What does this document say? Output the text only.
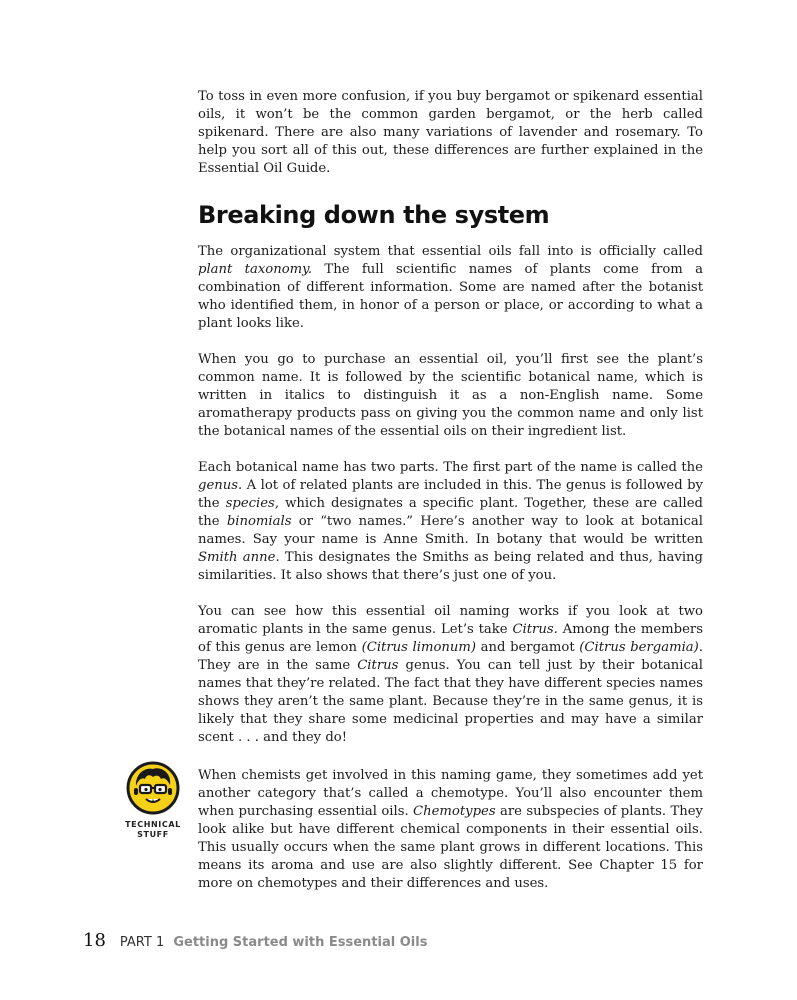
To toss in even more confusion, if you buy bergamot or spikenard essential oils, it won’t be the common garden bergamot, or the herb called spikenard. There are also many variations of lavender and rosemary. To help you sort all of this out, these differences are further explained in the Essential Oil Guide.

Breaking down the system

The organizational system that essential oils fall into is officially called plant taxonomy. The full scientific names of plants come from a combination of different information. Some are named after the botanist who identified them, in honor of a person or place, or according to what a plant looks like.

When you go to purchase an essential oil, you’ll first see the plant’s common name. It is followed by the scientific botanical name, which is written in italics to distinguish it as a non-English name. Some aromatherapy products pass on giving you the common name and only list the botanical names of the essential oils on their ingredient list.

Each botanical name has two parts. The first part of the name is called the genus. A lot of related plants are included in this. The genus is followed by the species, which designates a specific plant. Together, these are called the binomials or “two names.” Here’s another way to look at botanical names. Say your name is Anne Smith. In botany that would be written Smith anne. This designates the Smiths as being related and thus, having similarities. It also shows that there’s just one of you.

You can see how this essential oil naming works if you look at two aromatic plants in the same genus. Let’s take Citrus. Among the members of this genus are lemon (Citrus limonum) and bergamot (Citrus bergamia). They are in the same Citrus genus. You can tell just by their botanical names that they’re related. The fact that they have different species names shows they aren’t the same plant. Because they’re in the same genus, it is likely that they share some medicinal properties and may have a similar scent . . . and they do!

TECHNICAL
STUFF

When chemists get involved in this naming game, they sometimes add yet another category that’s called a chemotype. You’ll also encounter them when purchasing essential oils. Chemotypes are subspecies of plants. They look alike but have different chemical components in their essential oils. This usually occurs when the same plant grows in different locations. This means its aroma and use are also slightly different. See Chapter 15 for more on chemotypes and their differences and uses.

18 PART 1 Getting Started with Essential Oils
